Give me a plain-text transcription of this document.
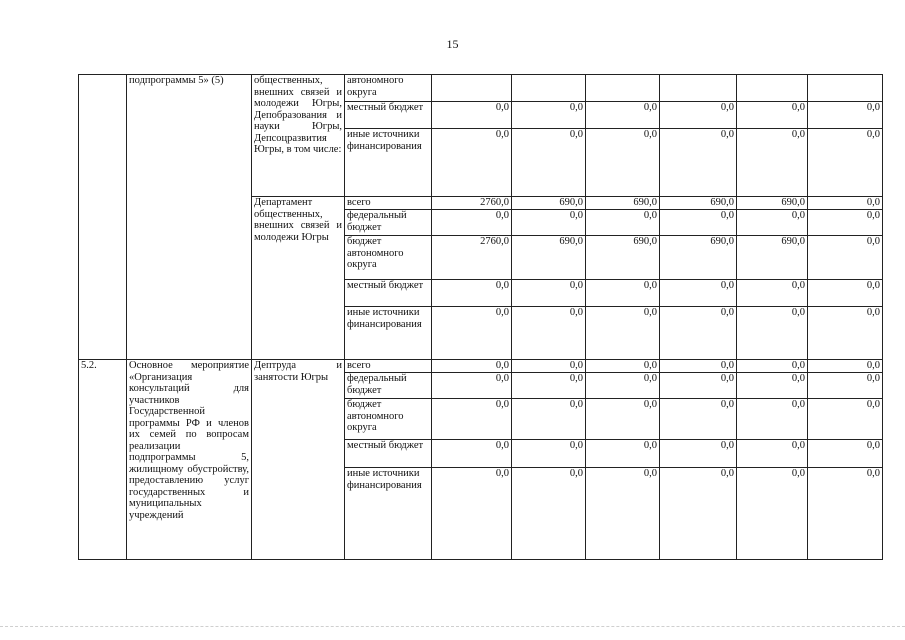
15
	подпрограммы 5» (5)	общественных, внешних связей и молодежи Югры, Депобразования и науки Югры, Депсоцразвития Югры, в том числе:	автономного округа						
			местный бюджет	0,0	0,0	0,0	0,0	0,0	0,0
			иные источники финансирования	0,0	0,0	0,0	0,0	0,0	0,0
		Департамент общественных, внешних связей и молодежи Югры	всего	2760,0	690,0	690,0	690,0	690,0	0,0
			федеральный бюджет	0,0	0,0	0,0	0,0	0,0	0,0
			бюджет автономного округа	2760,0	690,0	690,0	690,0	690,0	0,0
			местный бюджет	0,0	0,0	0,0	0,0	0,0	0,0
			иные источники финансирования	0,0	0,0	0,0	0,0	0,0	0,0
5.2.	Основное мероприятие «Организация консультаций для участников Государственной программы РФ и членов их семей по вопросам реализации подпрограммы 5, жилищному обустройству, предоставлению услуг государственных и муниципальных учреждений	Дептруда и занятости Югры	всего	0,0	0,0	0,0	0,0	0,0	0,0
			федеральный бюджет	0,0	0,0	0,0	0,0	0,0	0,0
			бюджет автономного округа	0,0	0,0	0,0	0,0	0,0	0,0
			местный бюджет	0,0	0,0	0,0	0,0	0,0	0,0
			иные источники финансирования	0,0	0,0	0,0	0,0	0,0	0,0
